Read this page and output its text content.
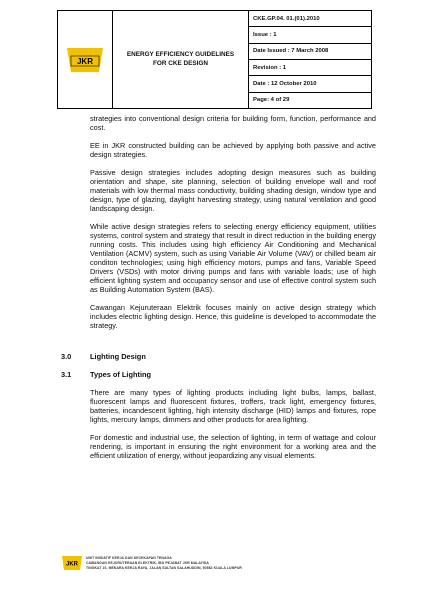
JKR
ENERGY EFFICIENCY GUIDELINES
FOR CKE DESIGN
CKE.GP.04. 01.(01).2010
Issue : 1
Date Issued : 7 March 2008
Revision : 1
Date : 12 October 2010
Page: 4 of 29

strategies into conventional design criteria for building form, function, performance and cost.

EE in JKR constructed building can be achieved by applying both passive and active design strategies.

Passive design strategies includes adopting design measures such as building orientation and shape, site planning, selection of building envelope wall and roof materials with low thermal mass conductivity, building shading design, window type and design, type of glazing, daylight harvesting strategy, using natural ventilation and good landscaping design.

While active design strategies refers to selecting energy efficiency equipment, utilities systems, control system and strategy that result in direct reduction in the building energy running costs. This includes using high efficiency Air Conditioning and Mechanical Ventilation (ACMV) system, such as using Variable Air Volume (VAV) or chilled beam air conditon technologies; using high efficiency motors, pumps and fans, Variable Speed Drivers (VSDs) with motor driving pumps and fans with variable loads; use of high efficient lighting system and occupancy sensor and use of effective control system such as Building Automation System (BAS).

Cawangan Kejuruteraan Elektrik focuses mainly on active design strategy which includes electric lighting design. Hence, this guideline is developed to accommodate the strategy.

3.0	Lighting Design
3.1	Types of Lighting

There are many types of lighting products including light bulbs, lamps, ballast, fluorescent lamps and fluorescent fixtures, troffers, track light, emergency fixtures, batteries, incandescent lighting, high intensity discharge (HID) lamps and fixtures, rope lights, mercury lamps, dimmers and other products for area lighting.

For domestic and industrial use, the selection of lighting, in term of wattage and colour rendering, is important in ensuring the right environment for a working area and the efficient utilization of energy, without jeopardizing any visual elements.

JKR
UNIT INISIATIF KERJA DAN KECEKAPAN TENAGA
CAWANGAN KEJURUTERAAN ELEKTRIK, IBU PEJABAT JKR MALAYSIA
TINGKAT 10, MENARA KERJA RAYA, JALAN SULTAN SALAHUDDIN, 50582 KUALA LUMPUR
